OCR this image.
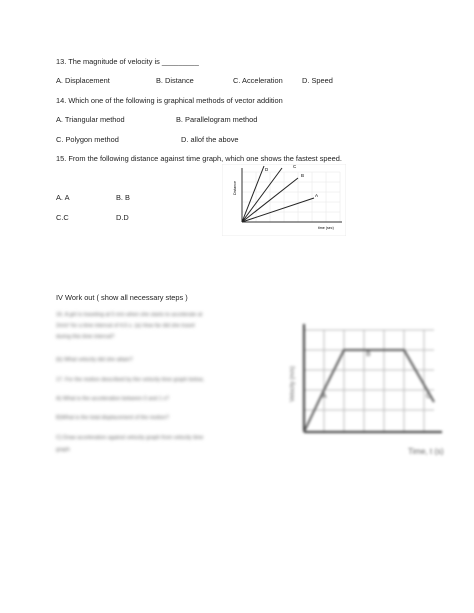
13. The magnitude of velocity is _________
A. Displacement	B. Distance	C. Acceleration	D. Speed
14. Which one of the following is graphical methods of vector addition
A. Triangular method	B. Parallelogram method
C. Polygon method	D. allof the above
15. From the following distance against time graph, which one shows the fastest speed.
A. A	B. B
C.C	D.D
D
C
B
A
Distance
time (sec)
IV Work out ( show all necessary steps )
16. A girl is traveling at 5 m/s when she starts to accelerate at
2m/s² for a time interval of 4.6 s. (a) How far did she travel
during this time interval?
(b) What velocity did she attain?
17. For the motion described by the velocity time graph below,
A) What is the acceleration between 0 and 1 s?
B)What is the total displacement of the motion?
C) Draw acceleration against velocity graph from velocity time
graph
A
B
C
Velocity (m/s)
Time, t (s)
